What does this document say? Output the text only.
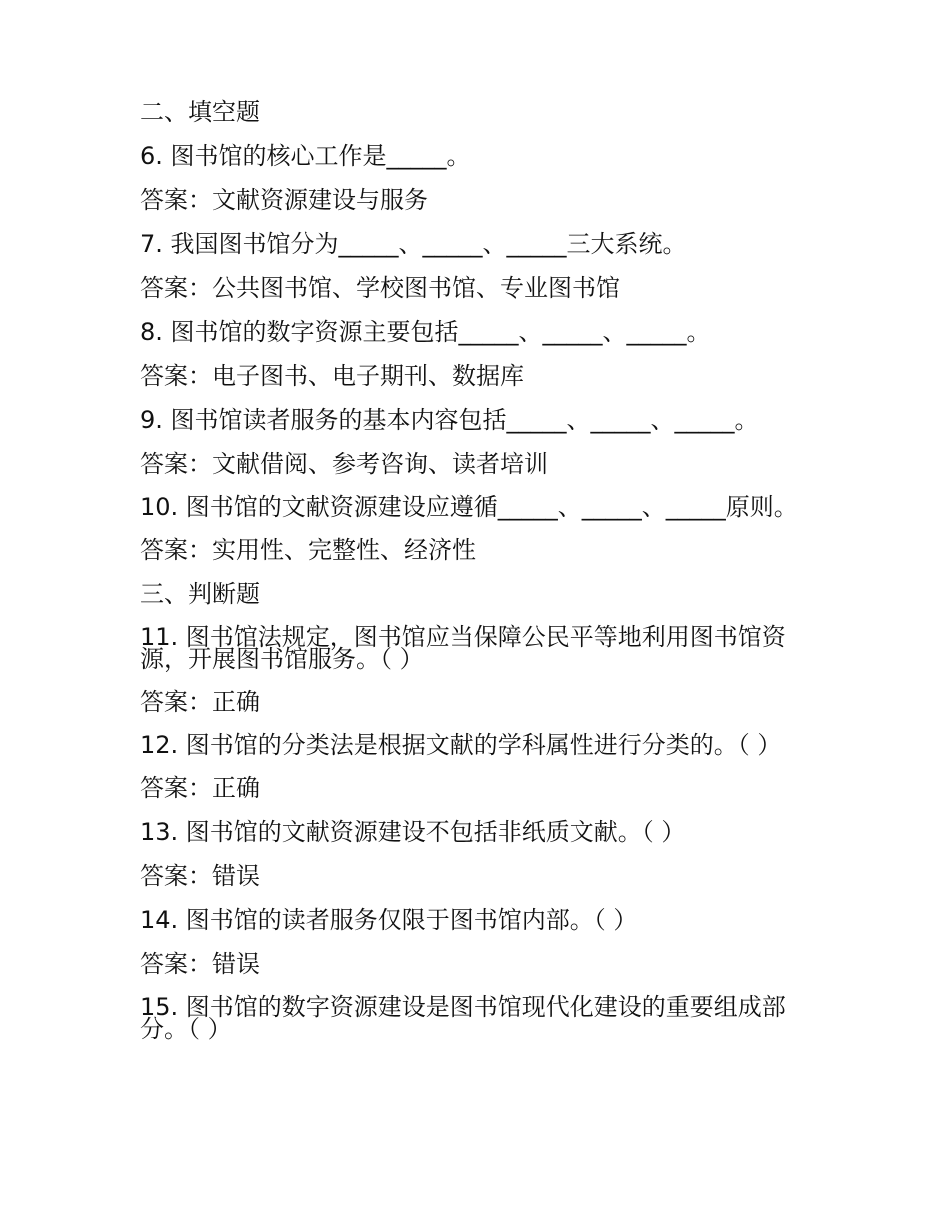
二、填空题
6. 图书馆的核心工作是_____。
答案：文献资源建设与服务
7. 我国图书馆分为_____、_____、_____三大系统。
答案：公共图书馆、学校图书馆、专业图书馆
8. 图书馆的数字资源主要包括_____、_____、_____。
答案：电子图书、电子期刊、数据库
9. 图书馆读者服务的基本内容包括_____、_____、_____。
答案：文献借阅、参考咨询、读者培训
10. 图书馆的文献资源建设应遵循_____、_____、_____原则。
答案：实用性、完整性、经济性
三、判断题
11. 图书馆法规定，图书馆应当保障公民平等地利用图书馆资源，开展图书馆服务。（ ）
答案：正确
12. 图书馆的分类法是根据文献的学科属性进行分类的。（ ）
答案：正确
13. 图书馆的文献资源建设不包括非纸质文献。（ ）
答案：错误
14. 图书馆的读者服务仅限于图书馆内部。（ ）
答案：错误
15. 图书馆的数字资源建设是图书馆现代化建设的重要组成部分。（ ）
